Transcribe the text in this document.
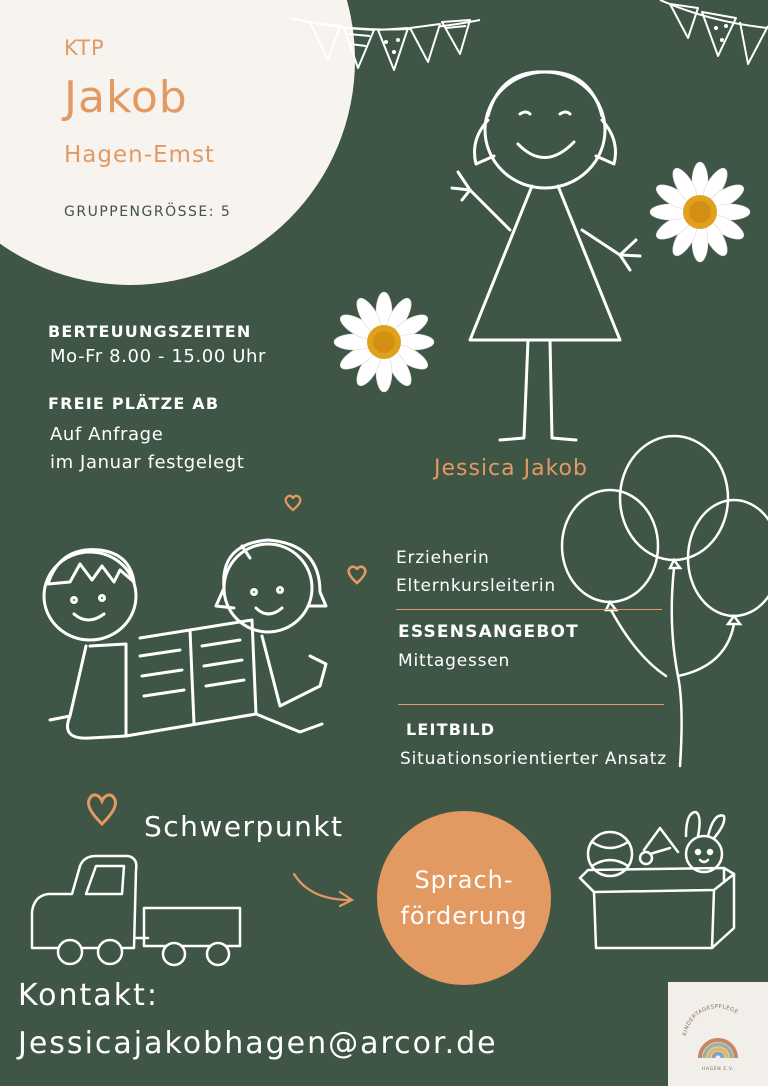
KTP
Jakob
Hagen-Emst
GRUPPENGRÖSSE: 5
BERTEUUNGSZEITEN
Mo-Fr 8.00 - 15.00 Uhr
FREIE PLÄTZE AB
Auf Anfrage
im Januar festgelegt	Jessica Jakob
Erzieherin
Elternkursleiterin
ESSENSANGEBOT
Mittagessen
LEITBILD
Situationsorientierter Ansatz
Schwerpunkt
Sprach-
förderung
Kontakt:
Jessicajakobhagen@arcor.de	KINDERTAGESPFLEGE
HAGEN E.V.
